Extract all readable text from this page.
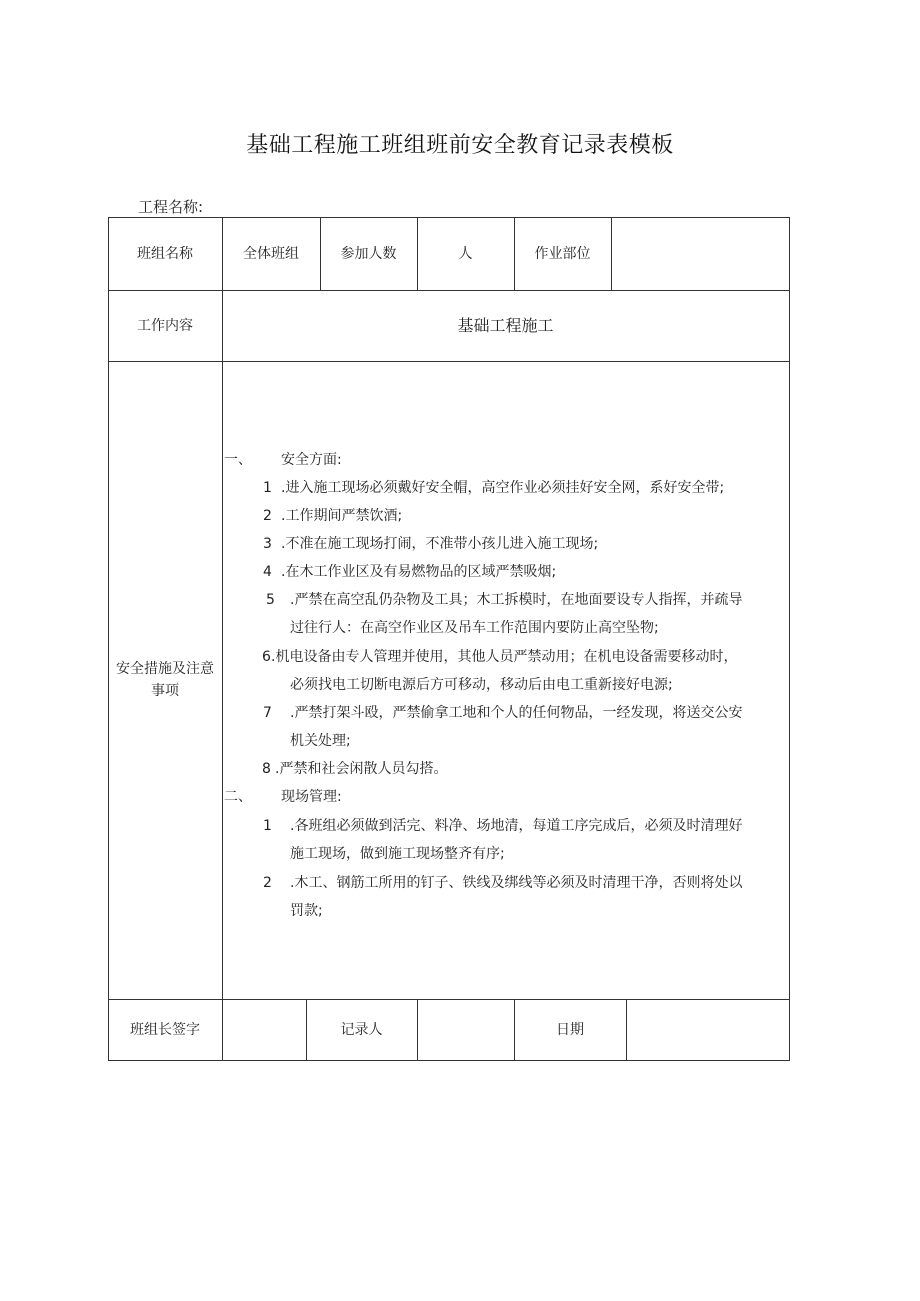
基础工程施工班组班前安全教育记录表模板
工程名称:
班组名称	全体班组	参加人数	人	作业部位
工作内容	基础工程施工
安全措施及注意
事项
一、 安全方面:
1 .进入施工现场必须戴好安全帽，高空作业必须挂好安全网，系好安全带;
2 .工作期间严禁饮酒;
3 .不准在施工现场打闹，不准带小孩儿进入施工现场;
4 .在木工作业区及有易燃物品的区域严禁吸烟;
5 .严禁在高空乱仍杂物及工具；木工拆模时，在地面要设专人指挥，并疏导
过往行人：在高空作业区及吊车工作范围内要防止高空坠物;
6 .机电设备由专人管理并使用，其他人员严禁动用；在机电设备需要移动时，
必须找电工切断电源后方可移动，移动后由电工重新接好电源;
7 .严禁打架斗殴，严禁偷拿工地和个人的任何物品，一经发现，将送交公安
机关处理;
8 .严禁和社会闲散人员勾搭。
二、 现场管理:
1 .各班组必须做到活完、料净、场地清，每道工序完成后，必须及时清理好
施工现场，做到施工现场整齐有序;
2 .木工、钢筋工所用的钉子、铁线及绑线等必须及时清理干净，否则将处以
罚款;
班组长签字	记录人	日期
